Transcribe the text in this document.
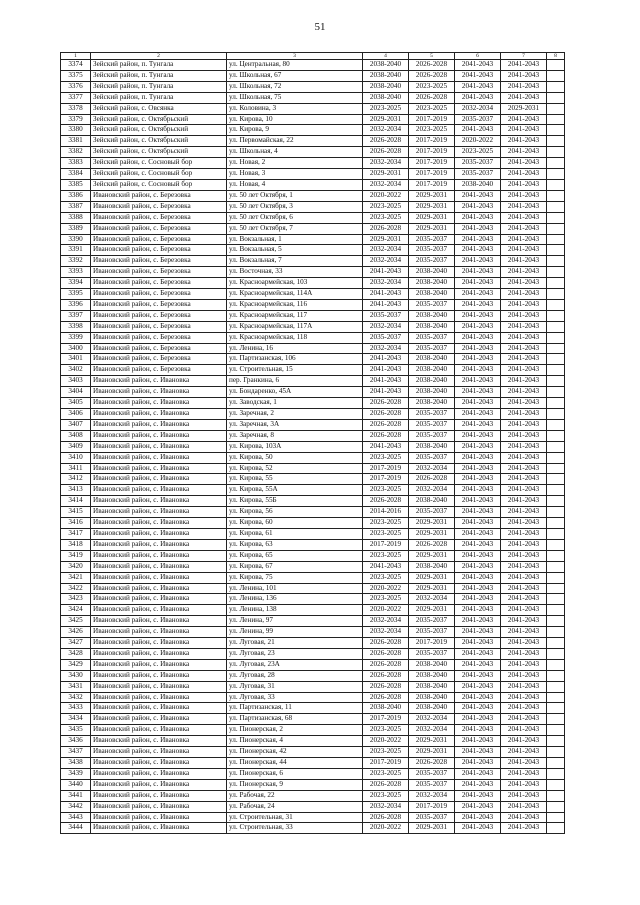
51
1	2	3	4	5	6	7	8
3374	Зейский район, п. Тунгала	ул. Центральная, 80	2038-2040	2026-2028	2041-2043	2041-2043	
3375	Зейский район, п. Тунгала	ул. Школьная, 67	2038-2040	2026-2028	2041-2043	2041-2043	
3376	Зейский район, п. Тунгала	ул. Школьная, 72	2038-2040	2023-2025	2041-2043	2041-2043	
3377	Зейский район, п. Тунгала	ул. Школьная, 75	2038-2040	2026-2028	2041-2043	2041-2043	
3378	Зейский район, с. Овсянка	ул. Коловина, 3	2023-2025	2023-2025	2032-2034	2029-2031	
3379	Зейский район, с. Октябрьский	ул. Кирова, 10	2029-2031	2017-2019	2035-2037	2041-2043	
3380	Зейский район, с. Октябрьский	ул. Кирова, 9	2032-2034	2023-2025	2041-2043	2041-2043	
3381	Зейский район, с. Октябрьский	ул. Первомайская, 22	2026-2028	2017-2019	2020-2022	2041-2043	
3382	Зейский район, с. Октябрьский	ул. Школьная, 4	2026-2028	2017-2019	2023-2025	2041-2043	
3383	Зейский район, с. Сосновый бор	ул. Новая, 2	2032-2034	2017-2019	2035-2037	2041-2043	
3384	Зейский район, с. Сосновый бор	ул. Новая, 3	2029-2031	2017-2019	2035-2037	2041-2043	
3385	Зейский район, с. Сосновый бор	ул. Новая, 4	2032-2034	2017-2019	2038-2040	2041-2043	
3386	Ивановский район, с. Березовка	ул. 50 лет Октября, 1	2020-2022	2029-2031	2041-2043	2041-2043	
3387	Ивановский район, с. Березовка	ул. 50 лет Октября, 3	2023-2025	2029-2031	2041-2043	2041-2043	
3388	Ивановский район, с. Березовка	ул. 50 лет Октября, 6	2023-2025	2029-2031	2041-2043	2041-2043	
3389	Ивановский район, с. Березовка	ул. 50 лет Октября, 7	2026-2028	2029-2031	2041-2043	2041-2043	
3390	Ивановский район, с. Березовка	ул. Вокзальная, 1	2029-2031	2035-2037	2041-2043	2041-2043	
3391	Ивановский район, с. Березовка	ул. Вокзальная, 5	2032-2034	2035-2037	2041-2043	2041-2043	
3392	Ивановский район, с. Березовка	ул. Вокзальная, 7	2032-2034	2035-2037	2041-2043	2041-2043	
3393	Ивановский район, с. Березовка	ул. Восточная, 33	2041-2043	2038-2040	2041-2043	2041-2043	
3394	Ивановский район, с. Березовка	ул. Красноармейская, 103	2032-2034	2038-2040	2041-2043	2041-2043	
3395	Ивановский район, с. Березовка	ул. Красноармейская, 114А	2041-2043	2038-2040	2041-2043	2041-2043	
3396	Ивановский район, с. Березовка	ул. Красноармейская, 116	2041-2043	2035-2037	2041-2043	2041-2043	
3397	Ивановский район, с. Березовка	ул. Красноармейская, 117	2035-2037	2038-2040	2041-2043	2041-2043	
3398	Ивановский район, с. Березовка	ул. Красноармейская, 117А	2032-2034	2038-2040	2041-2043	2041-2043	
3399	Ивановский район, с. Березовка	ул. Красноармейская, 118	2035-2037	2035-2037	2041-2043	2041-2043	
3400	Ивановский район, с. Березовка	ул. Ленина, 16	2032-2034	2035-2037	2041-2043	2041-2043	
3401	Ивановский район, с. Березовка	ул. Партизанская, 106	2041-2043	2038-2040	2041-2043	2041-2043	
3402	Ивановский район, с. Березовка	ул. Строительная, 15	2041-2043	2038-2040	2041-2043	2041-2043	
3403	Ивановский район, с. Ивановка	пер. Гранкина, 6	2041-2043	2038-2040	2041-2043	2041-2043	
3404	Ивановский район, с. Ивановка	ул. Бондаренко, 45А	2041-2043	2038-2040	2041-2043	2041-2043	
3405	Ивановский район, с. Ивановка	ул. Заводская, 1	2026-2028	2038-2040	2041-2043	2041-2043	
3406	Ивановский район, с. Ивановка	ул. Заречная, 2	2026-2028	2035-2037	2041-2043	2041-2043	
3407	Ивановский район, с. Ивановка	ул. Заречная, 3А	2026-2028	2035-2037	2041-2043	2041-2043	
3408	Ивановский район, с. Ивановка	ул. Заречная, 8	2026-2028	2035-2037	2041-2043	2041-2043	
3409	Ивановский район, с. Ивановка	ул. Кирова, 103А	2041-2043	2038-2040	2041-2043	2041-2043	
3410	Ивановский район, с. Ивановка	ул. Кирова, 50	2023-2025	2035-2037	2041-2043	2041-2043	
3411	Ивановский район, с. Ивановка	ул. Кирова, 52	2017-2019	2032-2034	2041-2043	2041-2043	
3412	Ивановский район, с. Ивановка	ул. Кирова, 55	2017-2019	2026-2028	2041-2043	2041-2043	
3413	Ивановский район, с. Ивановка	ул. Кирова, 55А	2023-2025	2032-2034	2041-2043	2041-2043	
3414	Ивановский район, с. Ивановка	ул. Кирова, 55Б	2026-2028	2038-2040	2041-2043	2041-2043	
3415	Ивановский район, с. Ивановка	ул. Кирова, 56	2014-2016	2035-2037	2041-2043	2041-2043	
3416	Ивановский район, с. Ивановка	ул. Кирова, 60	2023-2025	2029-2031	2041-2043	2041-2043	
3417	Ивановский район, с. Ивановка	ул. Кирова, 61	2023-2025	2029-2031	2041-2043	2041-2043	
3418	Ивановский район, с. Ивановка	ул. Кирова, 63	2017-2019	2026-2028	2041-2043	2041-2043	
3419	Ивановский район, с. Ивановка	ул. Кирова, 65	2023-2025	2029-2031	2041-2043	2041-2043	
3420	Ивановский район, с. Ивановка	ул. Кирова, 67	2041-2043	2038-2040	2041-2043	2041-2043	
3421	Ивановский район, с. Ивановка	ул. Кирова, 75	2023-2025	2029-2031	2041-2043	2041-2043	
3422	Ивановский район, с. Ивановка	ул. Ленина, 101	2020-2022	2029-2031	2041-2043	2041-2043	
3423	Ивановский район, с. Ивановка	ул. Ленина, 136	2023-2025	2032-2034	2041-2043	2041-2043	
3424	Ивановский район, с. Ивановка	ул. Ленина, 138	2020-2022	2029-2031	2041-2043	2041-2043	
3425	Ивановский район, с. Ивановка	ул. Ленина, 97	2032-2034	2035-2037	2041-2043	2041-2043	
3426	Ивановский район, с. Ивановка	ул. Ленина, 99	2032-2034	2035-2037	2041-2043	2041-2043	
3427	Ивановский район, с. Ивановка	ул. Луговая, 21	2026-2028	2017-2019	2041-2043	2041-2043	
3428	Ивановский район, с. Ивановка	ул. Луговая, 23	2026-2028	2035-2037	2041-2043	2041-2043	
3429	Ивановский район, с. Ивановка	ул. Луговая, 23А	2026-2028	2038-2040	2041-2043	2041-2043	
3430	Ивановский район, с. Ивановка	ул. Луговая, 28	2026-2028	2038-2040	2041-2043	2041-2043	
3431	Ивановский район, с. Ивановка	ул. Луговая, 31	2026-2028	2038-2040	2041-2043	2041-2043	
3432	Ивановский район, с. Ивановка	ул. Луговая, 33	2026-2028	2038-2040	2041-2043	2041-2043	
3433	Ивановский район, с. Ивановка	ул. Партизанская, 11	2038-2040	2038-2040	2041-2043	2041-2043	
3434	Ивановский район, с. Ивановка	ул. Партизанская, 68	2017-2019	2032-2034	2041-2043	2041-2043	
3435	Ивановский район, с. Ивановка	ул. Пионерская, 2	2023-2025	2032-2034	2041-2043	2041-2043	
3436	Ивановский район, с. Ивановка	ул. Пионерская, 4	2020-2022	2029-2031	2041-2043	2041-2043	
3437	Ивановский район, с. Ивановка	ул. Пионерская, 42	2023-2025	2029-2031	2041-2043	2041-2043	
3438	Ивановский район, с. Ивановка	ул. Пионерская, 44	2017-2019	2026-2028	2041-2043	2041-2043	
3439	Ивановский район, с. Ивановка	ул. Пионерская, 6	2023-2025	2035-2037	2041-2043	2041-2043	
3440	Ивановский район, с. Ивановка	ул. Пионерская, 9	2026-2028	2035-2037	2041-2043	2041-2043	
3441	Ивановский район, с. Ивановка	ул. Рабочая, 22	2023-2025	2032-2034	2041-2043	2041-2043	
3442	Ивановский район, с. Ивановка	ул. Рабочая, 24	2032-2034	2017-2019	2041-2043	2041-2043	
3443	Ивановский район, с. Ивановка	ул. Строительная, 31	2026-2028	2035-2037	2041-2043	2041-2043	
3444	Ивановский район, с. Ивановка	ул. Строительная, 33	2020-2022	2029-2031	2041-2043	2041-2043	
